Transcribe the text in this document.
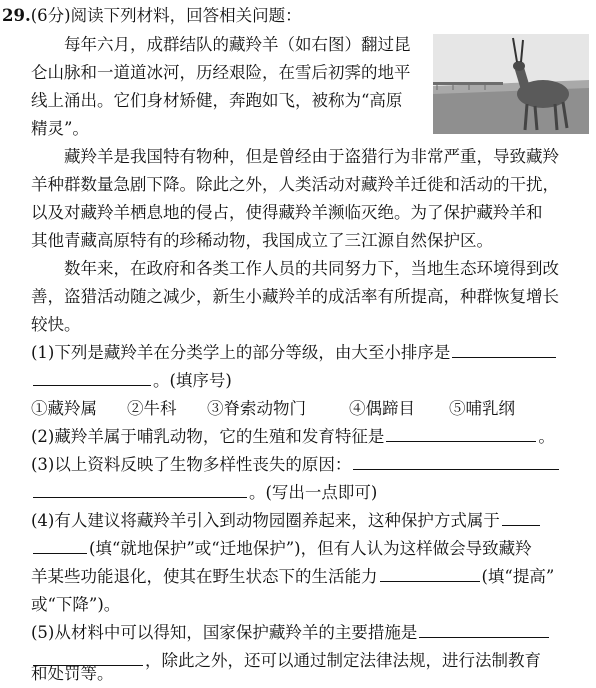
29.(6分)阅读下列材料，回答相关问题：
每年六月，成群结队的藏羚羊（如右图）翻过昆
仑山脉和一道道冰河，历经艰险，在雪后初霁的地平
线上涌出。它们身材矫健，奔跑如飞，被称为“高原
精灵”。
藏羚羊是我国特有物种，但是曾经由于盗猎行为非常严重，导致藏羚
羊种群数量急剧下降。除此之外，人类活动对藏羚羊迁徙和活动的干扰，
以及对藏羚羊栖息地的侵占，使得藏羚羊濒临灭绝。为了保护藏羚羊和
其他青藏高原特有的珍稀动物，我国成立了三江源自然保护区。
数年来，在政府和各类工作人员的共同努力下，当地生态环境得到改
善，盗猎活动随之减少，新生小藏羚羊的成活率有所提高，种群恢复增长
较快。
(1)下列是藏羚羊在分类学上的部分等级，由大至小排序是
。(填序号)
①藏羚属 ②牛科 ③脊索动物门	④偶蹄目 ⑤哺乳纲
(2)藏羚羊属于哺乳动物，它的生殖和发育特征是	。
(3)以上资料反映了生物多样性丧失的原因：
。(写出一点即可)
(4)有人建议将藏羚羊引入到动物园圈养起来，这种保护方式属于
(填“就地保护”或“迁地保护”)，但有人认为这样做会导致藏羚
羊某些功能退化，使其在野生状态下的生活能力	(填“提高”
或“下降”)。
(5)从材料中可以得知，国家保护藏羚羊的主要措施是
，除此之外，还可以通过制定法律法规，进行法制教育
和处罚等。
